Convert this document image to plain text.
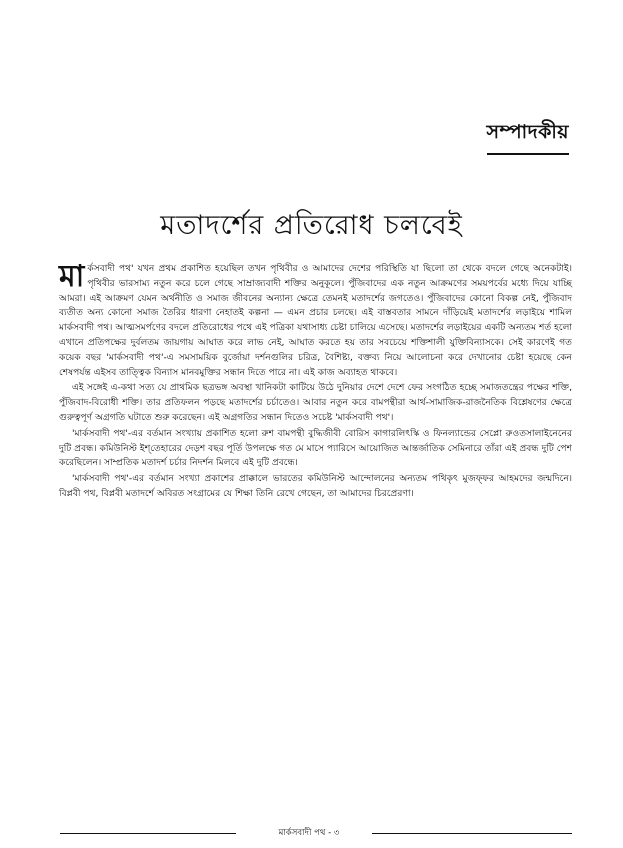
সম্পাদকীয়
মতাদর্শের প্রতিরোধ চলবেই

মার্কসবাদী পথ' যখন প্রথম প্রকাশিত হয়েছিল তখন পৃথিবীর ও আমাদের দেশের পরিস্থিতি যা ছিলো তা থেকে বদলে গেছে অনেকটাই। পৃথিবীর ভারসাম্য নতুন করে চলে গেছে সাম্রাজ্যবাদী শক্তির অনুকূলে। পুঁজিবাদের এক নতুন আক্রমণের সময়পর্বের মধ্যে দিয়ে যাচ্ছি আমরা। এই আক্রমণ যেমন অর্থনীতি ও সমাজ জীবনের অন্যান্য ক্ষেত্রে তেমনই মতাদর্শের জগতেও। পুঁজিবাদের কোনো বিকল্প নেই, পুঁজিবাদ ব্যতীত অন্য কোনো সমাজ তৈরির ধারণা নেহাতই কল্পনা — এমন প্রচার চলছে। এই বাস্তবতার সামনে দাঁড়িয়েই মতাদর্শের লড়াইয়ে শামিল মার্কসবাদী পথ। আত্মসমর্পণের বদলে প্রতিরোধের পথে এই পত্রিকা যথাসাধ্য চেষ্টা চালিয়ে এসেছে। মতাদর্শের লড়াইয়ের একটি অন্যতম শর্ত হলো এখানে প্রতিপক্ষের দুর্বলতম জায়গায় আঘাত করে লাভ নেই, আঘাত করতে হয় তার সবচেয়ে শক্তিশালী যুক্তিবিন্যাসকে। সেই কারণেই গত কয়েক বছর 'মার্কসবাদী পথ'-এ সমসাময়িক বুর্জোয়া দর্শনগুলির চরিত্র, বৈশিষ্ট্য, বক্তব্য নিয়ে আলোচনা করে দেখানোর চেষ্টা হয়েছে কেন শেষপর্যন্ত এইসব তাত্ত্বিক বিন্যাস মানবমুক্তির সন্ধান দিতে পারে না। এই কাজ অব্যাহত থাকবে।

এই সঙ্গেই এ-কথা সত্য যে প্রাথমিক ছত্রভঙ্গ অবস্থা খানিকটা কাটিয়ে উঠে দুনিয়ার দেশে দেশে ফের সংগঠিত হচ্ছে সমাজতন্ত্রের পক্ষের শক্তি, পুঁজিবাদ-বিরোধী শক্তি। তার প্রতিফলন পড়ছে মতাদর্শের চর্চাতেও। আবার নতুন করে বামপন্থীরা আর্থ-সামাজিক-রাজনৈতিক বিশ্লেষণের ক্ষেত্রে গুরুত্বপূর্ণ অগ্রগতি ঘটাতে শুরু করেছেন। এই অগ্রগতির সন্ধান দিতেও সচেষ্ট 'মার্কসবাদী পথ'।

'মার্কসবাদী পথ'-এর বর্তমান সংখ্যায় প্রকাশিত হলো রুশ বামপন্থী বুদ্ধিজীবী বোরিস কাগারলিৎস্কি ও ফিনল্যান্ডের সেপ্লো রুওতসালাইনেনের দুটি প্রবন্ধ। কমিউনিস্ট ইশ্‌তেহারের দেড়শ বছর পূর্তি উপলক্ষে গত মে মাসে প্যারিসে আয়োজিত আন্তর্জাতিক সেমিনারে তাঁরা এই প্রবন্ধ দুটি পেশ করেছিলেন। সাম্প্রতিক মতাদর্শ চর্চার নিদর্শন মিলবে এই দুটি প্রবন্ধে।

'মার্কসবাদী পথ'-এর বর্তমান সংখ্যা প্রকাশের প্রাক্কালে ভারতের কমিউনিস্ট আন্দোলনের অন্যতম পথিকৃৎ মুজফ্‌ফর আহমদের জন্মদিনে। বিপ্লবী পথ, বিপ্লবী মতাদর্শে অবিরত সংগ্রামের যে শিক্ষা তিনি রেখে গেছেন, তা আমাদের চিরপ্রেরণা।

মার্কসবাদী পথ - ৩
